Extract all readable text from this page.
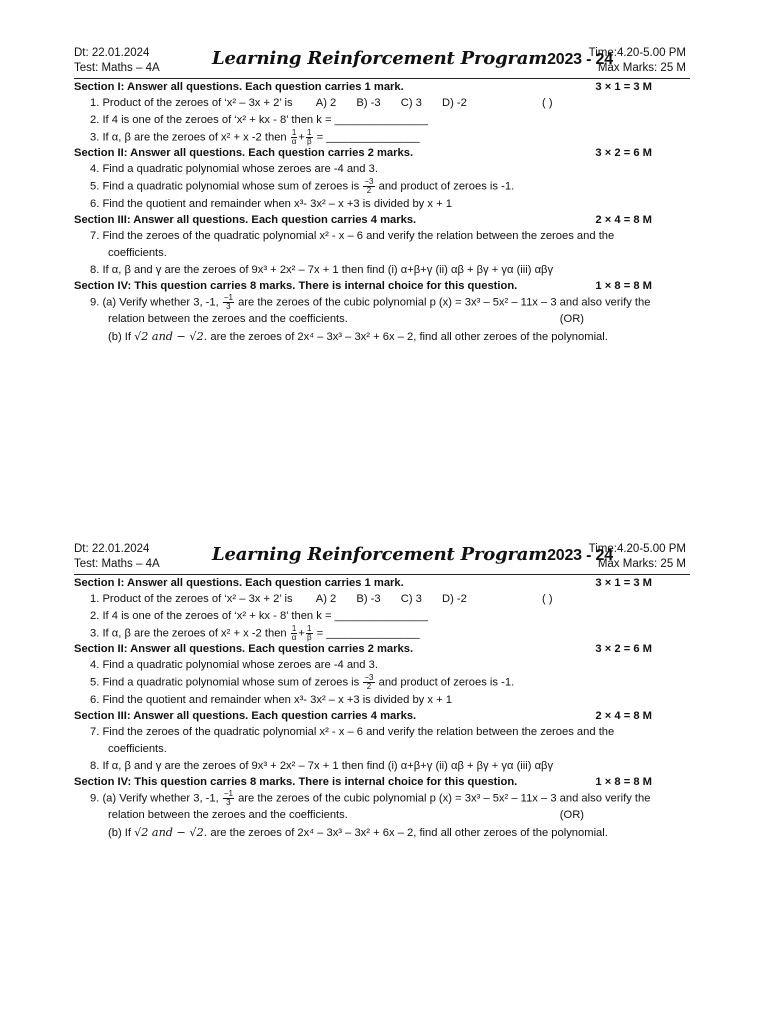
Dt: 22.01.2024
Test: Maths – 4A	Learning Reinforcement Program2023 - 24
Time:4.20-5.00 PM
Max Marks: 25 M
Section I: Answer all questions. Each question carries 1 mark.	3 × 1 = 3 M
1. Product of the zeroes of ‘x² – 3x + 2’ is A) 2 B) -3 C) 3 D) -2	( )
2. If 4 is one of the zeroes of ‘x² + kx - 8’ then k = _______________
3. If α, β are the zeroes of x² + x -2 then $\frac{1}{\alpha} + \frac{1}{\beta}$ = _______________
Section II: Answer all questions. Each question carries 2 marks.	3 × 2 = 6 M
4. Find a quadratic polynomial whose zeroes are -4 and 3.
5. Find a quadratic polynomial whose sum of zeroes is $\frac{-3}{2}$ and product of zeroes is -1.
6. Find the quotient and remainder when x³- 3x² – x +3 is divided by x + 1
Section III: Answer all questions. Each question carries 4 marks.	2 × 4 = 8 M
7. Find the zeroes of the quadratic polynomial x² - x – 6 and verify the relation between the zeroes and the
coefficients.
8. If α, β and γ are the zeroes of 9x³ + 2x² – 7x + 1 then find (i) α+β+γ (ii) αβ + βγ + γα (iii) αβγ
Section IV: This question carries 8 marks. There is internal choice for this question.	1 × 8 = 8 M
9. (a) Verify whether 3, -1, $\frac{-1}{3}$ are the zeroes of the cubic polynomial p (x) = 3x³ – 5x² – 11x – 3 and also verify the
relation between the zeroes and the coefficients.	(OR)
(b) If √2 and − √2. are the zeroes of 2x⁴ – 3x³ – 3x² + 6x – 2, find all other zeroes of the polynomial.
Dt: 22.01.2024
Test: Maths – 4A	Learning Reinforcement Program2023 - 24
Time:4.20-5.00 PM
Max Marks: 25 M
Section I: Answer all questions. Each question carries 1 mark.	3 × 1 = 3 M
1. Product of the zeroes of ‘x² – 3x + 2’ is A) 2 B) -3 C) 3 D) -2	( )
2. If 4 is one of the zeroes of ‘x² + kx - 8’ then k = _______________
3. If α, β are the zeroes of x² + x -2 then $\frac{1}{\alpha} + \frac{1}{\beta}$ = _______________
Section II: Answer all questions. Each question carries 2 marks.	3 × 2 = 6 M
4. Find a quadratic polynomial whose zeroes are -4 and 3.
5. Find a quadratic polynomial whose sum of zeroes is $\frac{-3}{2}$ and product of zeroes is -1.
6. Find the quotient and remainder when x³- 3x² – x +3 is divided by x + 1
Section III: Answer all questions. Each question carries 4 marks.	2 × 4 = 8 M
7. Find the zeroes of the quadratic polynomial x² - x – 6 and verify the relation between the zeroes and the
coefficients.
8. If α, β and γ are the zeroes of 9x³ + 2x² – 7x + 1 then find (i) α+β+γ (ii) αβ + βγ + γα (iii) αβγ
Section IV: This question carries 8 marks. There is internal choice for this question.	1 × 8 = 8 M
9. (a) Verify whether 3, -1, $\frac{-1}{3}$ are the zeroes of the cubic polynomial p (x) = 3x³ – 5x² – 11x – 3 and also verify the
relation between the zeroes and the coefficients.	(OR)
(b) If √2 and − √2. are the zeroes of 2x⁴ – 3x³ – 3x² + 6x – 2, find all other zeroes of the polynomial.
